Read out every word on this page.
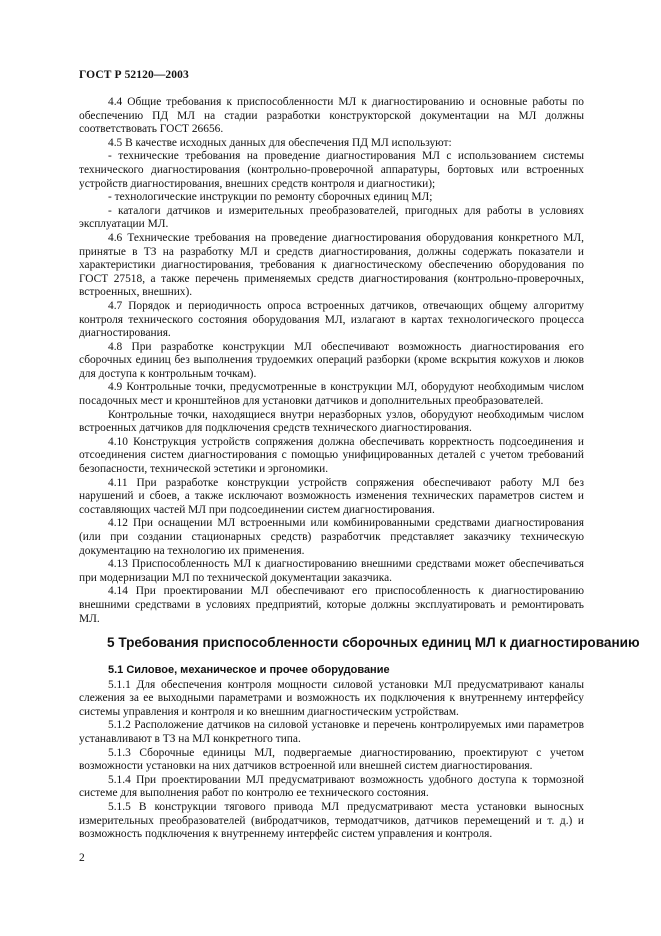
ГОСТ Р 52120—2003

4.4 Общие требования к приспособленности МЛ к диагностированию и основные работы по обеспечению ПД МЛ на стадии разработки конструкторской документации на МЛ должны соответствовать ГОСТ 26656.

4.5 В качестве исходных данных для обеспечения ПД МЛ используют:

- технические требования на проведение диагностирования МЛ с использованием системы технического диагностирования (контрольно-проверочной аппаратуры, бортовых или встроенных устройств диагностирования, внешних средств контроля и диагностики);

- технологические инструкции по ремонту сборочных единиц МЛ;

- каталоги датчиков и измерительных преобразователей, пригодных для работы в условиях эксплуатации МЛ.

4.6 Технические требования на проведение диагностирования оборудования конкретного МЛ, принятые в ТЗ на разработку МЛ и средств диагностирования, должны содержать показатели и характеристики диагностирования, требования к диагностическому обеспечению оборудования по ГОСТ 27518, а также перечень применяемых средств диагностирования (контрольно-проверочных, встроенных, внешних).

4.7 Порядок и периодичность опроса встроенных датчиков, отвечающих общему алгоритму контроля технического состояния оборудования МЛ, излагают в картах технологического процесса диагностирования.

4.8 При разработке конструкции МЛ обеспечивают возможность диагностирования его сборочных единиц без выполнения трудоемких операций разборки (кроме вскрытия кожухов и люков для доступа к контрольным точкам).

4.9 Контрольные точки, предусмотренные в конструкции МЛ, оборудуют необходимым числом посадочных мест и кронштейнов для установки датчиков и дополнительных преобразователей.

Контрольные точки, находящиеся внутри неразборных узлов, оборудуют необходимым числом встроенных датчиков для подключения средств технического диагностирования.

4.10 Конструкция устройств сопряжения должна обеспечивать корректность подсоединения и отсоединения систем диагностирования с помощью унифицированных деталей с учетом требований безопасности, технической эстетики и эргономики.

4.11 При разработке конструкции устройств сопряжения обеспечивают работу МЛ без нарушений и сбоев, а также исключают возможность изменения технических параметров систем и составляющих частей МЛ при подсоединении систем диагностирования.

4.12 При оснащении МЛ встроенными или комбинированными средствами диагностирования (или при создании стационарных средств) разработчик представляет заказчику техническую документацию на технологию их применения.

4.13 Приспособленность МЛ к диагностированию внешними средствами может обеспечиваться при модернизации МЛ по технической документации заказчика.

4.14 При проектировании МЛ обеспечивают его приспособленность к диагностированию внешними средствами в условиях предприятий, которые должны эксплуатировать и ремонтировать МЛ.

5 Требования приспособленности сборочных единиц МЛ к диагностированию

5.1 Силовое, механическое и прочее оборудование

5.1.1 Для обеспечения контроля мощности силовой установки МЛ предусматривают каналы слежения за ее выходными параметрами и возможность их подключения к внутреннему интерфейсу системы управления и контроля и ко внешним диагностическим устройствам.

5.1.2 Расположение датчиков на силовой установке и перечень контролируемых ими параметров устанавливают в ТЗ на МЛ конкретного типа.

5.1.3 Сборочные единицы МЛ, подвергаемые диагностированию, проектируют с учетом возможности установки на них датчиков встроенной или внешней систем диагностирования.

5.1.4 При проектировании МЛ предусматривают возможность удобного доступа к тормозной системе для выполнения работ по контролю ее технического состояния.

5.1.5 В конструкции тягового привода МЛ предусматривают места установки выносных измерительных преобразователей (вибродатчиков, термодатчиков, датчиков перемещений и т. д.) и возможность подключения к внутреннему интерфейс систем управления и контроля.

2
